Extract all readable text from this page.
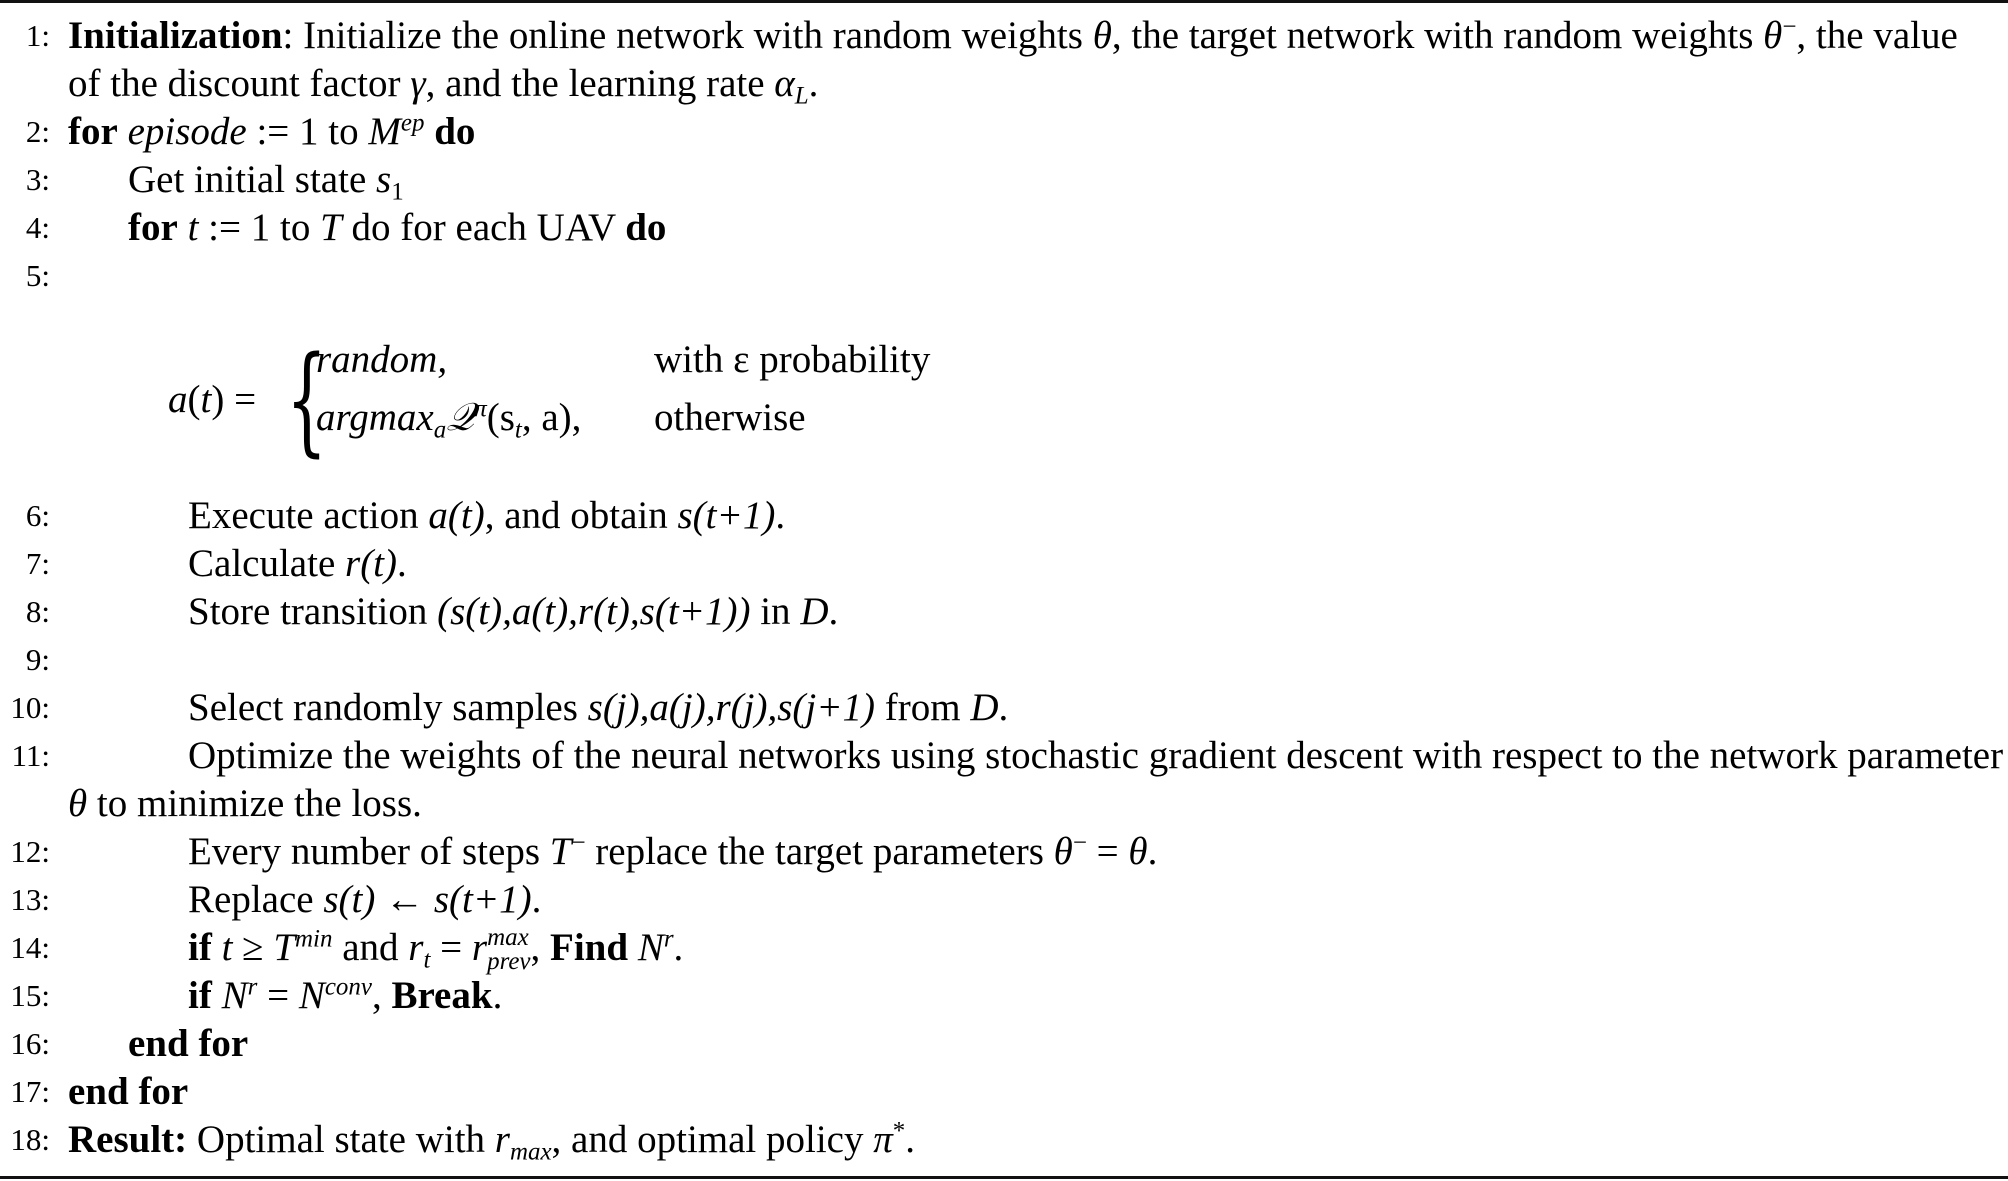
1: Initialization: Initialize the online network with random weights θ, the target network with random weights θ−, the value
of the discount factor γ, and the learning rate $\alpha_L$.
2: for episode := 1 to $M^{ep}$ do
3: Get initial state $s_1$
4: for t := 1 to T do for each UAV do
5:
a(t) = {
random,	with ε probability
$argmax_a𝒬^\pi(s_t$, a), otherwise
6:	Execute action a(t), and obtain s(t+1).
7:	Calculate r(t).
8:	Store transition (s(t),a(t),r(t),s(t+1)) in D.
9:
10:	Select randomly samples s(j),a(j),r(j),s(j+1) from D.
11:	Optimize the weights of the neural networks using stochastic gradient descent with respect to the network parameter
θ to minimize the loss.
12:	Every number of steps T− replace the target parameters θ− = θ.
13:	Replace s(t) ← s(t+1).
14:	if $t \ge T^{min}$ and $r_t = r$ max
prev , Find $N^r$.
15:	if $N^r = N^{conv}$, Break.
16: end for
17: end for
18: Result: Optimal state with $r_{max}$, and optimal policy π*.
